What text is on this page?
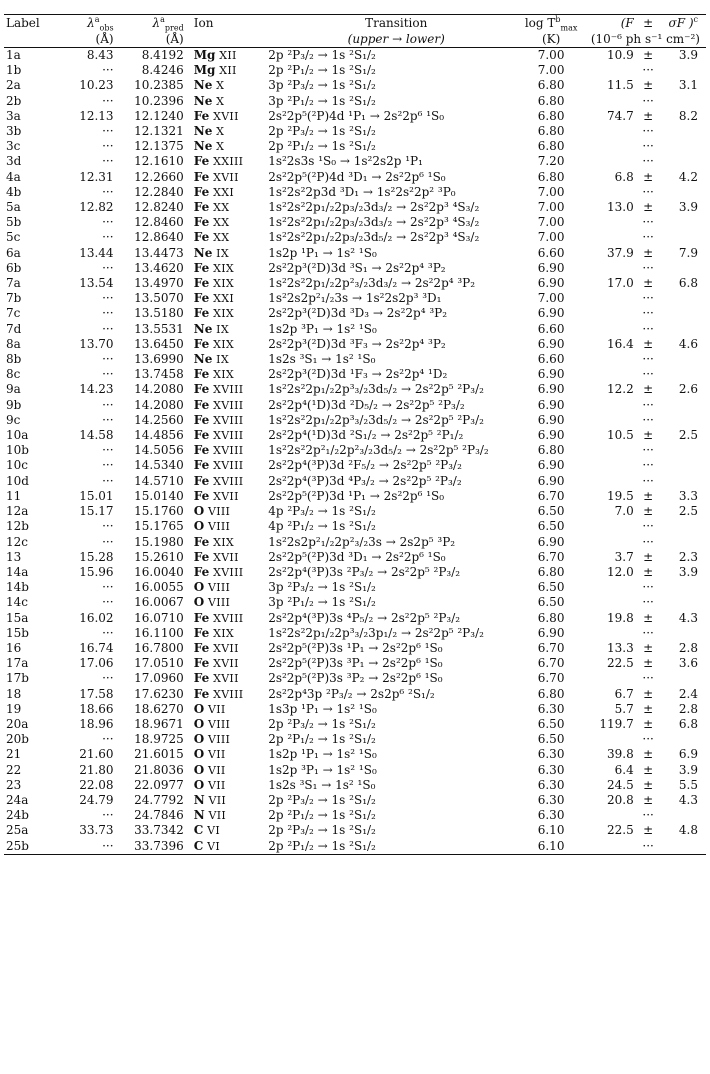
Label	$\lambda^a_{obs}$	$\lambda^a_{pred}$	Ion	Transition	$\log T^b_{max}$	(F	±	σF )$^c$
	(Å)	(Å)		(upper → lower)	(K)	(10⁻⁶ ph s⁻¹ cm⁻²)		

1a	8.43	8.4192	Mg XII	2p ²P₃/₂ → 1s ²S₁/₂	7.00	10.9	±	3.9
1b	···	8.4246	Mg XII	2p ²P₁/₂ → 1s ²S₁/₂	7.00		···	
2a	10.23	10.2385	Ne X	3p ²P₃/₂ → 1s ²S₁/₂	6.80	11.5	±	3.1
2b	···	10.2396	Ne X	3p ²P₁/₂ → 1s ²S₁/₂	6.80		···	
3a	12.13	12.1240	Fe XVII	2s²2p⁵(²P)4d ¹P₁ → 2s²2p⁶ ¹S₀	6.80	74.7	±	8.2
3b	···	12.1321	Ne X	2p ²P₃/₂ → 1s ²S₁/₂	6.80		···	
3c	···	12.1375	Ne X	2p ²P₁/₂ → 1s ²S₁/₂	6.80		···	
3d	···	12.1610	Fe XXIII	1s²2s3s ¹S₀ → 1s²2s2p ¹P₁	7.20		···	
4a	12.31	12.2660	Fe XVII	2s²2p⁵(²P)4d ³D₁ → 2s²2p⁶ ¹S₀	6.80	6.8	±	4.2
4b	···	12.2840	Fe XXI	1s²2s²2p3d ³D₁ → 1s²2s²2p² ³P₀	7.00		···	
5a	12.82	12.8240	Fe XX	1s²2s²2p₁/₂2p₃/₂3d₃/₂ → 2s²2p³ ⁴S₃/₂	7.00	13.0	±	3.9
5b	···	12.8460	Fe XX	1s²2s²2p₁/₂2p₃/₂3d₃/₂ → 2s²2p³ ⁴S₃/₂	7.00		···	
5c	···	12.8640	Fe XX	1s²2s²2p₁/₂2p₃/₂3d₅/₂ → 2s²2p³ ⁴S₃/₂	7.00		···	
6a	13.44	13.4473	Ne IX	1s2p ¹P₁ → 1s² ¹S₀	6.60	37.9	±	7.9
6b	···	13.4620	Fe XIX	2s²2p³(²D)3d ³S₁ → 2s²2p⁴ ³P₂	6.90		···	
7a	13.54	13.4970	Fe XIX	1s²2s²2p₁/₂2p²₃/₂3d₃/₂ → 2s²2p⁴ ³P₂	6.90	17.0	±	6.8
7b	···	13.5070	Fe XXI	1s²2s2p²₁/₂3s → 1s²2s2p³ ³D₁	7.00		···	
7c	···	13.5180	Fe XIX	2s²2p³(²D)3d ³D₃ → 2s²2p⁴ ³P₂	6.90		···	
7d	···	13.5531	Ne IX	1s2p ³P₁ → 1s² ¹S₀	6.60		···	
8a	13.70	13.6450	Fe XIX	2s²2p³(²D)3d ³F₃ → 2s²2p⁴ ³P₂	6.90	16.4	±	4.6
8b	···	13.6990	Ne IX	1s2s ³S₁ → 1s² ¹S₀	6.60		···	
8c	···	13.7458	Fe XIX	2s²2p³(²D)3d ¹F₃ → 2s²2p⁴ ¹D₂	6.90		···	
9a	14.23	14.2080	Fe XVIII	1s²2s²2p₁/₂2p³₃/₂3d₅/₂ → 2s²2p⁵ ²P₃/₂	6.90	12.2	±	2.6
9b	···	14.2080	Fe XVIII	2s²2p⁴(¹D)3d ²D₅/₂ → 2s²2p⁵ ²P₃/₂	6.90		···	
9c	···	14.2560	Fe XVIII	1s²2s²2p₁/₂2p³₃/₂3d₅/₂ → 2s²2p⁵ ²P₃/₂	6.90		···	
10a	14.58	14.4856	Fe XVIII	2s²2p⁴(¹D)3d ²S₁/₂ → 2s²2p⁵ ²P₁/₂	6.90	10.5	±	2.5
10b	···	14.5056	Fe XVIII	1s²2s²2p²₁/₂2p²₃/₂3d₅/₂ → 2s²2p⁵ ²P₃/₂	6.80		···	
10c	···	14.5340	Fe XVIII	2s²2p⁴(³P)3d ²F₅/₂ → 2s²2p⁵ ²P₃/₂	6.90		···	
10d	···	14.5710	Fe XVIII	2s²2p⁴(³P)3d ⁴P₃/₂ → 2s²2p⁵ ²P₃/₂	6.90		···	
11	15.01	15.0140	Fe XVII	2s²2p⁵(²P)3d ¹P₁ → 2s²2p⁶ ¹S₀	6.70	19.5	±	3.3
12a	15.17	15.1760	O VIII	4p ²P₃/₂ → 1s ²S₁/₂	6.50	7.0	±	2.5
12b	···	15.1765	O VIII	4p ²P₁/₂ → 1s ²S₁/₂	6.50		···	
12c	···	15.1980	Fe XIX	1s²2s2p²₁/₂2p²₃/₂3s → 2s2p⁵ ³P₂	6.90		···	
13	15.28	15.2610	Fe XVII	2s²2p⁵(²P)3d ³D₁ → 2s²2p⁶ ¹S₀	6.70	3.7	±	2.3
14a	15.96	16.0040	Fe XVIII	2s²2p⁴(³P)3s ²P₃/₂ → 2s²2p⁵ ²P₃/₂	6.80	12.0	±	3.9
14b	···	16.0055	O VIII	3p ²P₃/₂ → 1s ²S₁/₂	6.50		···	
14c	···	16.0067	O VIII	3p ²P₁/₂ → 1s ²S₁/₂	6.50		···	
15a	16.02	16.0710	Fe XVIII	2s²2p⁴(³P)3s ⁴P₅/₂ → 2s²2p⁵ ²P₃/₂	6.80	19.8	±	4.3
15b	···	16.1100	Fe XIX	1s²2s²2p₁/₂2p³₃/₂3p₁/₂ → 2s²2p⁵ ²P₃/₂	6.90		···	
16	16.74	16.7800	Fe XVII	2s²2p⁵(²P)3s ¹P₁ → 2s²2p⁶ ¹S₀	6.70	13.3	±	2.8
17a	17.06	17.0510	Fe XVII	2s²2p⁵(²P)3s ³P₁ → 2s²2p⁶ ¹S₀	6.70	22.5	±	3.6
17b	···	17.0960	Fe XVII	2s²2p⁵(²P)3s ³P₂ → 2s²2p⁶ ¹S₀	6.70		···	
18	17.58	17.6230	Fe XVIII	2s²2p⁴3p ²P₃/₂ → 2s2p⁶ ²S₁/₂	6.80	6.7	±	2.4
19	18.66	18.6270	O VII	1s3p ¹P₁ → 1s² ¹S₀	6.30	5.7	±	2.8
20a	18.96	18.9671	O VIII	2p ²P₃/₂ → 1s ²S₁/₂	6.50	119.7	±	6.8
20b	···	18.9725	O VIII	2p ²P₁/₂ → 1s ²S₁/₂	6.50		···	
21	21.60	21.6015	O VII	1s2p ¹P₁ → 1s² ¹S₀	6.30	39.8	±	6.9
22	21.80	21.8036	O VII	1s2p ³P₁ → 1s² ¹S₀	6.30	6.4	±	3.9
23	22.08	22.0977	O VII	1s2s ³S₁ → 1s² ¹S₀	6.30	24.5	±	5.5
24a	24.79	24.7792	N VII	2p ²P₃/₂ → 1s ²S₁/₂	6.30	20.8	±	4.3
24b	···	24.7846	N VII	2p ²P₁/₂ → 1s ²S₁/₂	6.30		···	
25a	33.73	33.7342	C VI	2p ²P₃/₂ → 1s ²S₁/₂	6.10	22.5	±	4.8
25b	···	33.7396	C VI	2p ²P₁/₂ → 1s ²S₁/₂	6.10		···	
